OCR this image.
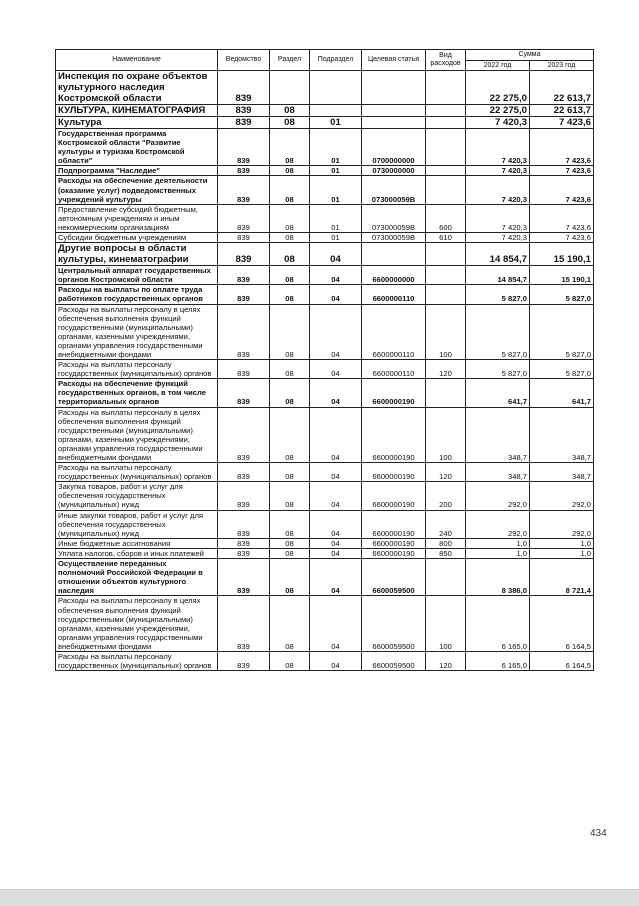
Наименование	Ведомство	Раздел	Подраздел	Целевая статья	Вид расходов	Сумма	
						2022 год	2023 год
Инспекция по охране объектов культурного наследия Костромской области	839					22 275,0	22 613,7
КУЛЬТУРА, КИНЕМАТОГРАФИЯ	839	08				22 275,0	22 613,7
Культура	839	08	01			7 420,3	7 423,6
Государственная программа Костромской области "Развитие культуры и туризма Костромской области"	839	08	01	0700000000		7 420,3	7 423,6
Подпрограмма "Наследие"	839	08	01	0730000000		7 420,3	7 423,6
Расходы на обеспечение деятельности (оказание услуг) подведомственных учреждений культуры	839	08	01	073000059В		7 420,3	7 423,6
Предоставление субсидий бюджетным, автономным учреждениям и иным некоммерческим организациям	839	08	01	073000059В	600	7 420,3	7 423,6
Субсидии бюджетным учреждениям	839	08	01	073000059В	610	7 420,3	7 423,6
Другие вопросы в области культуры, кинематографии	839	08	04			14 854,7	15 190,1
Центральный аппарат государственных органов Костромской области	839	08	04	6600000000		14 854,7	15 190,1
Расходы на выплаты по оплате труда работников государственных органов	839	08	04	6600000110		5 827,0	5 827,0
Расходы на выплаты персоналу в целях обеспечения выполнения функций государственными (муниципальными) органами, казенными учреждениями, органами управления государственными внебюджетными фондами	839	08	04	6600000110	100	5 827,0	5 827,0
Расходы на выплаты персоналу государственных (муниципальных) органов	839	08	04	6600000110	120	5 827,0	5 827,0
Расходы на обеспечение функций государственных органов, в том числе территориальных органов	839	08	04	6600000190		641,7	641,7
Расходы на выплаты персоналу в целях обеспечения выполнения функций государственными (муниципальными) органами, казенными учреждениями, органами управления государственными внебюджетными фондами	839	08	04	6600000190	100	348,7	348,7
Расходы на выплаты персоналу государственных (муниципальных) органов	839	08	04	6600000190	120	348,7	348,7
Закупка товаров, работ и услуг для обеспечения государственных (муниципальных) нужд	839	08	04	6600000190	200	292,0	292,0
Иные закупки товаров, работ и услуг для обеспечения государственных (муниципальных) нужд	839	08	04	6600000190	240	292,0	292,0
Иные бюджетные ассигнования	839	08	04	6600000190	800	1,0	1,0
Уплата налогов, сборов и иных платежей	839	08	04	6600000190	850	1,0	1,0
Осуществление переданных полномочий Российской Федерации в отношении объектов культурного наследия	839	08	04	6600059500		8 386,0	8 721,4
Расходы на выплаты персоналу в целях обеспечения выполнения функций государственными (муниципальными) органами, казенными учреждениями, органами управления государственными внебюджетными фондами	839	08	04	6600059500	100	6 165,0	6 164,5
Расходы на выплаты персоналу государственных (муниципальных) органов	839	08	04	6600059500	120	6 165,0	6 164,5
434
